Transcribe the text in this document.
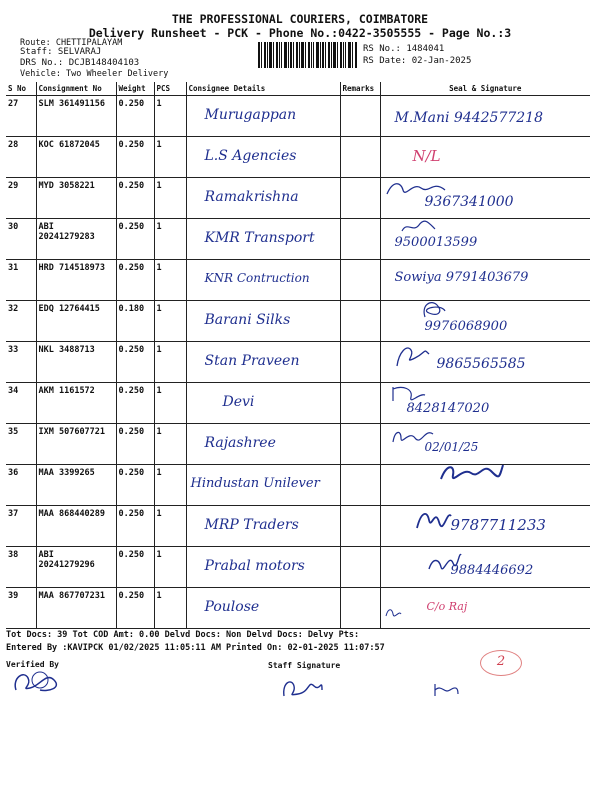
THE PROFESSIONAL COURIERS, COIMBATORE
Delivery Runsheet - PCK - Phone No.:0422-3505555 - Page No.:3
Route: CHETTIPALAYAM
Staff: SELVARAJ
DRS No.: DCJB148404103
Vehicle: Two Wheeler Delivery
RS No.: 1484041
RS Date: 02-Jan-2025
S No	Consignment No	Weight	PCS	Consignee Details	Remarks	Seal & Signature
27	SLM 361491156	0.250	1	Murugappan		M.Mani 9442577218

28	KOC 61872045	0.250	1	L.S Agencies		N/L

29	MYD 3058221	0.250	1	Ramakrishna		9367341000

30	ABI 20241279283	0.250	1	KMR Transport		9500013599

31	HRD 714518973	0.250	1	KNR Contruction		Sowiya 9791403679

32	EDQ 12764415	0.180	1	Barani Silks		9976068900

33	NKL 3488713	0.250	1	Stan Praveen		9865565585

34	AKM 1161572	0.250	1	Devi		8428147020

35	IXM 507607721	0.250	1	Rajashree		02/01/25

36	MAA 3399265	0.250	1	Hindustan Unilever

37	MAA 868440289	0.250	1	MRP Traders		9787711233

38	ABI 20241279296	0.250	1	Prabal motors		9884446692

39	MAA 867707231	0.250	1	Poulose		C/o Raj
Tot Docs: 39 Tot COD Amt: 0.00 Delvd Docs: Non Delvd Docs: Delvy Pts:
Entered By :KAVIPCK 01/02/2025 11:05:11 AM Printed On: 02-01-2025 11:07:57
Verified By	Staff Signature	2
